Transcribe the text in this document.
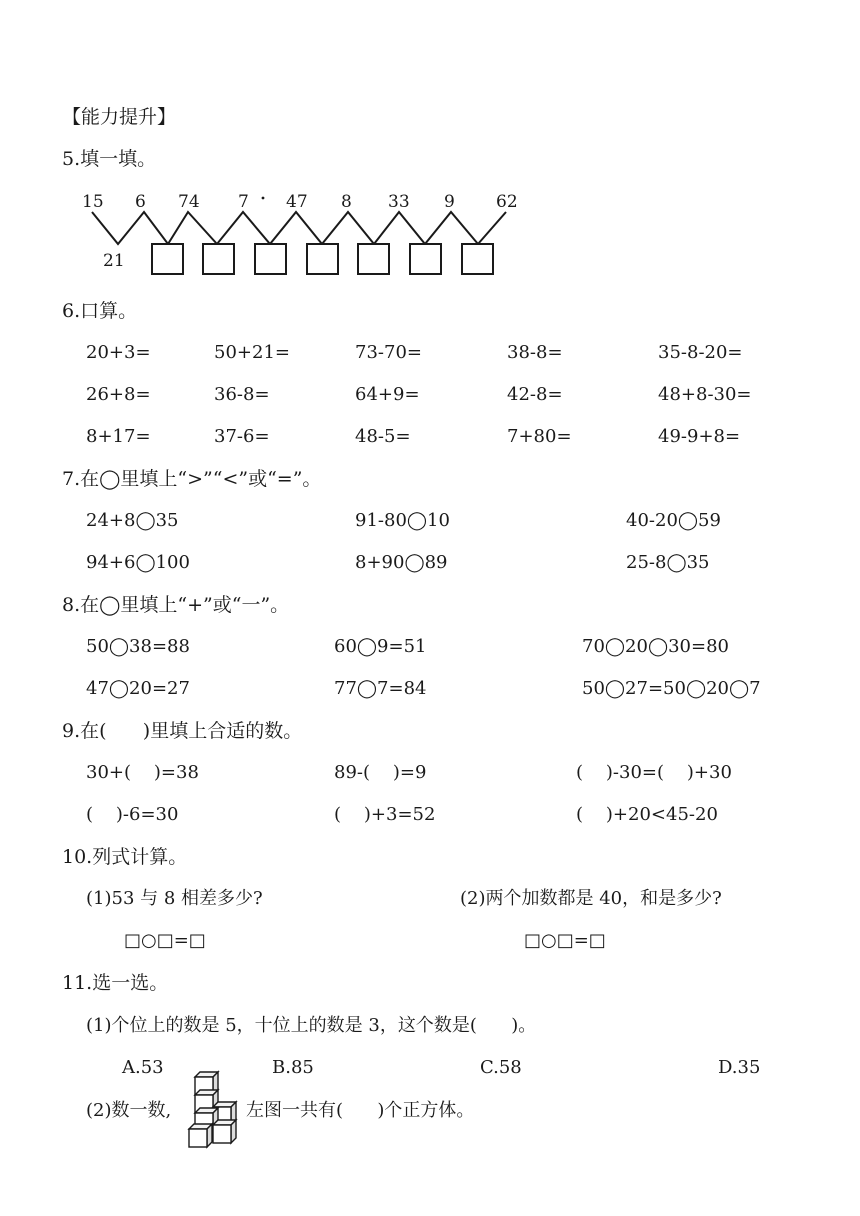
【能力提升】
5.填一填。
15 6 74 7 47 8 33 9 62
21
6.口算。
20+3=	50+21=	73-70=	38-8=	35-8-20=
26+8=	36-8=	64+9=	42-8=	48+8-30=
8+17=	37-6=	48-5=	7+80=	49-9+8=
7.在◯里填上“>”“<”或“=”。
24+8◯35	91-80◯10	40-20◯59
94+6◯100	8+90◯89	25-8◯35
8.在◯里填上“+”或“一”。
50◯38=88	60◯9=51	70◯20◯30=80
47◯20=27	77◯7=84	50◯27=50◯20◯7
9.在(      )里填上合适的数。
30+(    )=38	89-(    )=9	(    )-30=(    )+30
(    )-6=30	(    )+3=52	(    )+20<45-20
10.列式计算。
(1)53 与 8 相差多少?	(2)两个加数都是 40，和是多少?
□○□=□	□○□=□
11.选一选。
(1)个位上的数是 5，十位上的数是 3，这个数是(      )。
A.53	B.85	C.58	D.35
(2)数一数,	左图一共有(      )个正方体。
